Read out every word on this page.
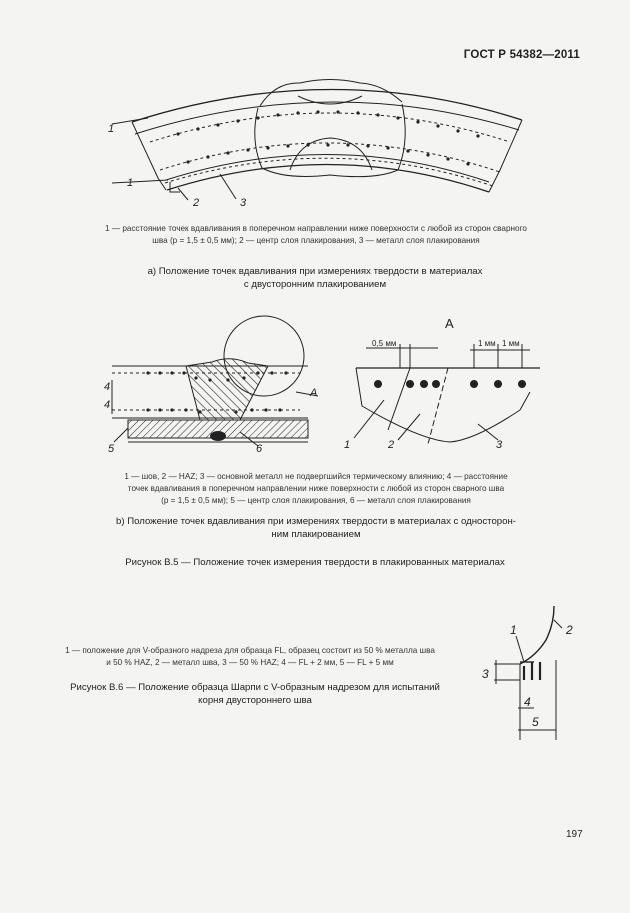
ГОСТ Р 54382—2011
1
1
2	3
4
4
5	6
A
A
0,5 мм	1 мм 1 мм
1	2	3
1	2
3
4
5
1 — расстояние точек вдавливания в поперечном направлении ниже поверхности с любой из сторон сварного шва (p = 1,5 ± 0,5 мм); 2 — центр слоя плакирования, 3 — металл слоя плакирования
а) Положение точек вдавливания при измерениях твердости в материалах
с двусторонним плакированием
1 — шов, 2 — HAZ; 3 — основной металл не подвергшийся термическому влиянию; 4 — расстояние
точек вдавливания в поперечном направлении ниже поверхности с любой из сторон сварного шва
(p = 1,5 ± 0,5 мм); 5 — центр слоя плакирования, 6 — металл слоя плакирования
b) Положение точек вдавливания при измерениях твердости в материалах с односторон-
ним плакированием
Рисунок В.5 — Положение точек измерения твердости в плакированных материалах
1 — положение для V-образного надреза для образца FL, образец состоит из 50 % металла шва
и 50 % HAZ, 2 — металл шва, 3 — 50 % HAZ; 4 — FL + 2 мм, 5 — FL + 5 мм
Рисунок В.6 — Положение образца Шарпи с V-образным надрезом для испытаний
корня двустороннего шва
197
